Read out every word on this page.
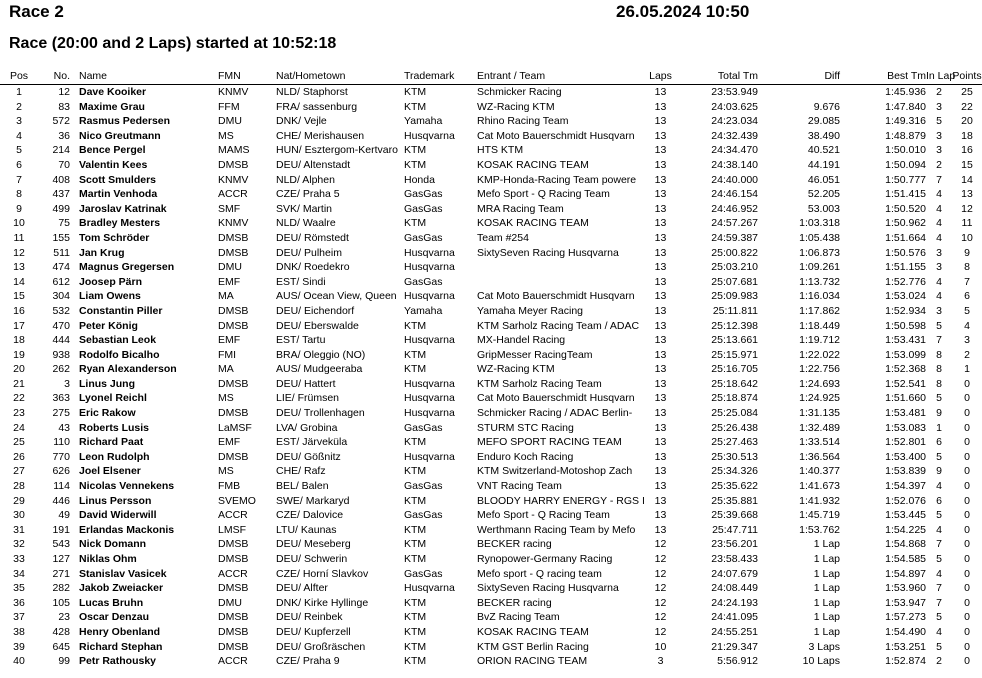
Race 2	26.05.2024 10:50
Race (20:00 and 2 Laps) started at 10:52:18
Pos	No.	Name	FMN	Nat/Hometown	Trademark	Entrant / Team	Laps	Total Tm	Diff	Best Tm	In Lap	Points
1	12	Dave Kooiker	KNMV	NLD/ Staphorst	KTM	Schmicker Racing	13	23:53.949		1:45.936	2	25
2	83	Maxime Grau	FFM	FRA/ sassenburg	KTM	WZ-Racing KTM	13	24:03.625	9.676	1:47.840	3	22
3	572	Rasmus Pedersen	DMU	DNK/ Vejle	Yamaha	Rhino Racing Team	13	24:23.034	29.085	1:49.316	5	20
4	36	Nico Greutmann	MS	CHE/ Merishausen	Husqvarna	Cat Moto Bauerschmidt Husqvarn	13	24:32.439	38.490	1:48.879	3	18
5	214	Bence Pergel	MAMS	HUN/ Esztergom-Kertvaro	KTM	HTS KTM	13	24:34.470	40.521	1:50.010	3	16
6	70	Valentin Kees	DMSB	DEU/ Altenstadt	KTM	KOSAK RACING TEAM	13	24:38.140	44.191	1:50.094	2	15
7	408	Scott Smulders	KNMV	NLD/ Alphen	Honda	KMP-Honda-Racing Team powere	13	24:40.000	46.051	1:50.777	7	14
8	437	Martin Venhoda	ACCR	CZE/ Praha 5	GasGas	Mefo Sport - Q Racing Team	13	24:46.154	52.205	1:51.415	4	13
9	499	Jaroslav Katrinak	SMF	SVK/ Martin	GasGas	MRA Racing Team	13	24:46.952	53.003	1:50.520	4	12
10	75	Bradley Mesters	KNMV	NLD/ Waalre	KTM	KOSAK RACING TEAM	13	24:57.267	1:03.318	1:50.962	4	11
11	155	Tom Schröder	DMSB	DEU/ Römstedt	GasGas	Team #254	13	24:59.387	1:05.438	1:51.664	4	10
12	511	Jan Krug	DMSB	DEU/ Pulheim	Husqvarna	SixtySeven Racing Husqvarna	13	25:00.822	1:06.873	1:50.576	3	9
13	474	Magnus Gregersen	DMU	DNK/ Roedekro	Husqvarna		13	25:03.210	1:09.261	1:51.155	3	8
14	612	Joosep Pärn	EMF	EST/ Sindi	GasGas		13	25:07.681	1:13.732	1:52.776	4	7
15	304	Liam Owens	MA	AUS/ Ocean View, Queen	Husqvarna	Cat Moto Bauerschmidt Husqvarn	13	25:09.983	1:16.034	1:53.024	4	6
16	532	Constantin Piller	DMSB	DEU/ Eichendorf	Yamaha	Yamaha Meyer Racing	13	25:11.811	1:17.862	1:52.934	3	5
17	470	Peter König	DMSB	DEU/ Eberswalde	KTM	KTM Sarholz Racing Team / ADAC	13	25:12.398	1:18.449	1:50.598	5	4
18	444	Sebastian Leok	EMF	EST/ Tartu	Husqvarna	MX-Handel Racing	13	25:13.661	1:19.712	1:53.431	7	3
19	938	Rodolfo Bicalho	FMI	BRA/ Oleggio (NO)	KTM	GripMesser RacingTeam	13	25:15.971	1:22.022	1:53.099	8	2
20	262	Ryan Alexanderson	MA	AUS/ Mudgeeraba	KTM	WZ-Racing KTM	13	25:16.705	1:22.756	1:52.368	8	1
21	3	Linus Jung	DMSB	DEU/ Hattert	Husqvarna	KTM Sarholz Racing Team	13	25:18.642	1:24.693	1:52.541	8	0
22	363	Lyonel Reichl	MS	LIE/ Frümsen	Husqvarna	Cat Moto Bauerschmidt Husqvarn	13	25:18.874	1:24.925	1:51.660	5	0
23	275	Eric Rakow	DMSB	DEU/ Trollenhagen	Husqvarna	Schmicker Racing / ADAC Berlin-	13	25:25.084	1:31.135	1:53.481	9	0
24	43	Roberts Lusis	LaMSF	LVA/ Grobina	GasGas	STURM STC Racing	13	25:26.438	1:32.489	1:53.083	1	0
25	110	Richard Paat	EMF	EST/ Järveküla	KTM	MEFO SPORT RACING TEAM	13	25:27.463	1:33.514	1:52.801	6	0
26	770	Leon Rudolph	DMSB	DEU/ Gößnitz	Husqvarna	Enduro Koch Racing	13	25:30.513	1:36.564	1:53.400	5	0
27	626	Joel Elsener	MS	CHE/ Rafz	KTM	KTM Switzerland-Motoshop Zach	13	25:34.326	1:40.377	1:53.839	9	0
28	114	Nicolas Vennekens	FMB	BEL/ Balen	GasGas	VNT Racing Team	13	25:35.622	1:41.673	1:54.397	4	0
29	446	Linus Persson	SVEMO	SWE/ Markaryd	KTM	BLOODY HARRY ENERGY - RGS I	13	25:35.881	1:41.932	1:52.076	6	0
30	49	David Widerwill	ACCR	CZE/ Dalovice	GasGas	Mefo Sport - Q Racing Team	13	25:39.668	1:45.719	1:53.445	5	0
31	191	Erlandas Mackonis	LMSF	LTU/ Kaunas	KTM	Werthmann Racing Team by Mefo	13	25:47.711	1:53.762	1:54.225	4	0
32	543	Nick Domann	DMSB	DEU/ Meseberg	KTM	BECKER racing	12	23:56.201	1 Lap	1:54.868	7	0
33	127	Niklas Ohm	DMSB	DEU/ Schwerin	KTM	Rynopower-Germany Racing	12	23:58.433	1 Lap	1:54.585	5	0
34	271	Stanislav Vasicek	ACCR	CZE/ Horní Slavkov	GasGas	Mefo sport - Q racing team	12	24:07.679	1 Lap	1:54.897	4	0
35	282	Jakob Zweiacker	DMSB	DEU/ Alfter	Husqvarna	SixtySeven Racing Husqvarna	12	24:08.449	1 Lap	1:53.960	7	0
36	105	Lucas Bruhn	DMU	DNK/ Kirke Hyllinge	KTM	BECKER racing	12	24:24.193	1 Lap	1:53.947	7	0
37	23	Oscar Denzau	DMSB	DEU/ Reinbek	KTM	BvZ Racing Team	12	24:41.095	1 Lap	1:57.273	5	0
38	428	Henry Obenland	DMSB	DEU/ Kupferzell	KTM	KOSAK RACING TEAM	12	24:55.251	1 Lap	1:54.490	4	0
39	645	Richard Stephan	DMSB	DEU/ Großräschen	KTM	KTM GST Berlin Racing	10	21:29.347	3 Laps	1:53.251	5	0
40	99	Petr Rathousky	ACCR	CZE/ Praha 9	KTM	ORION RACING TEAM	3	5:56.912	10 Laps	1:52.874	2	0
